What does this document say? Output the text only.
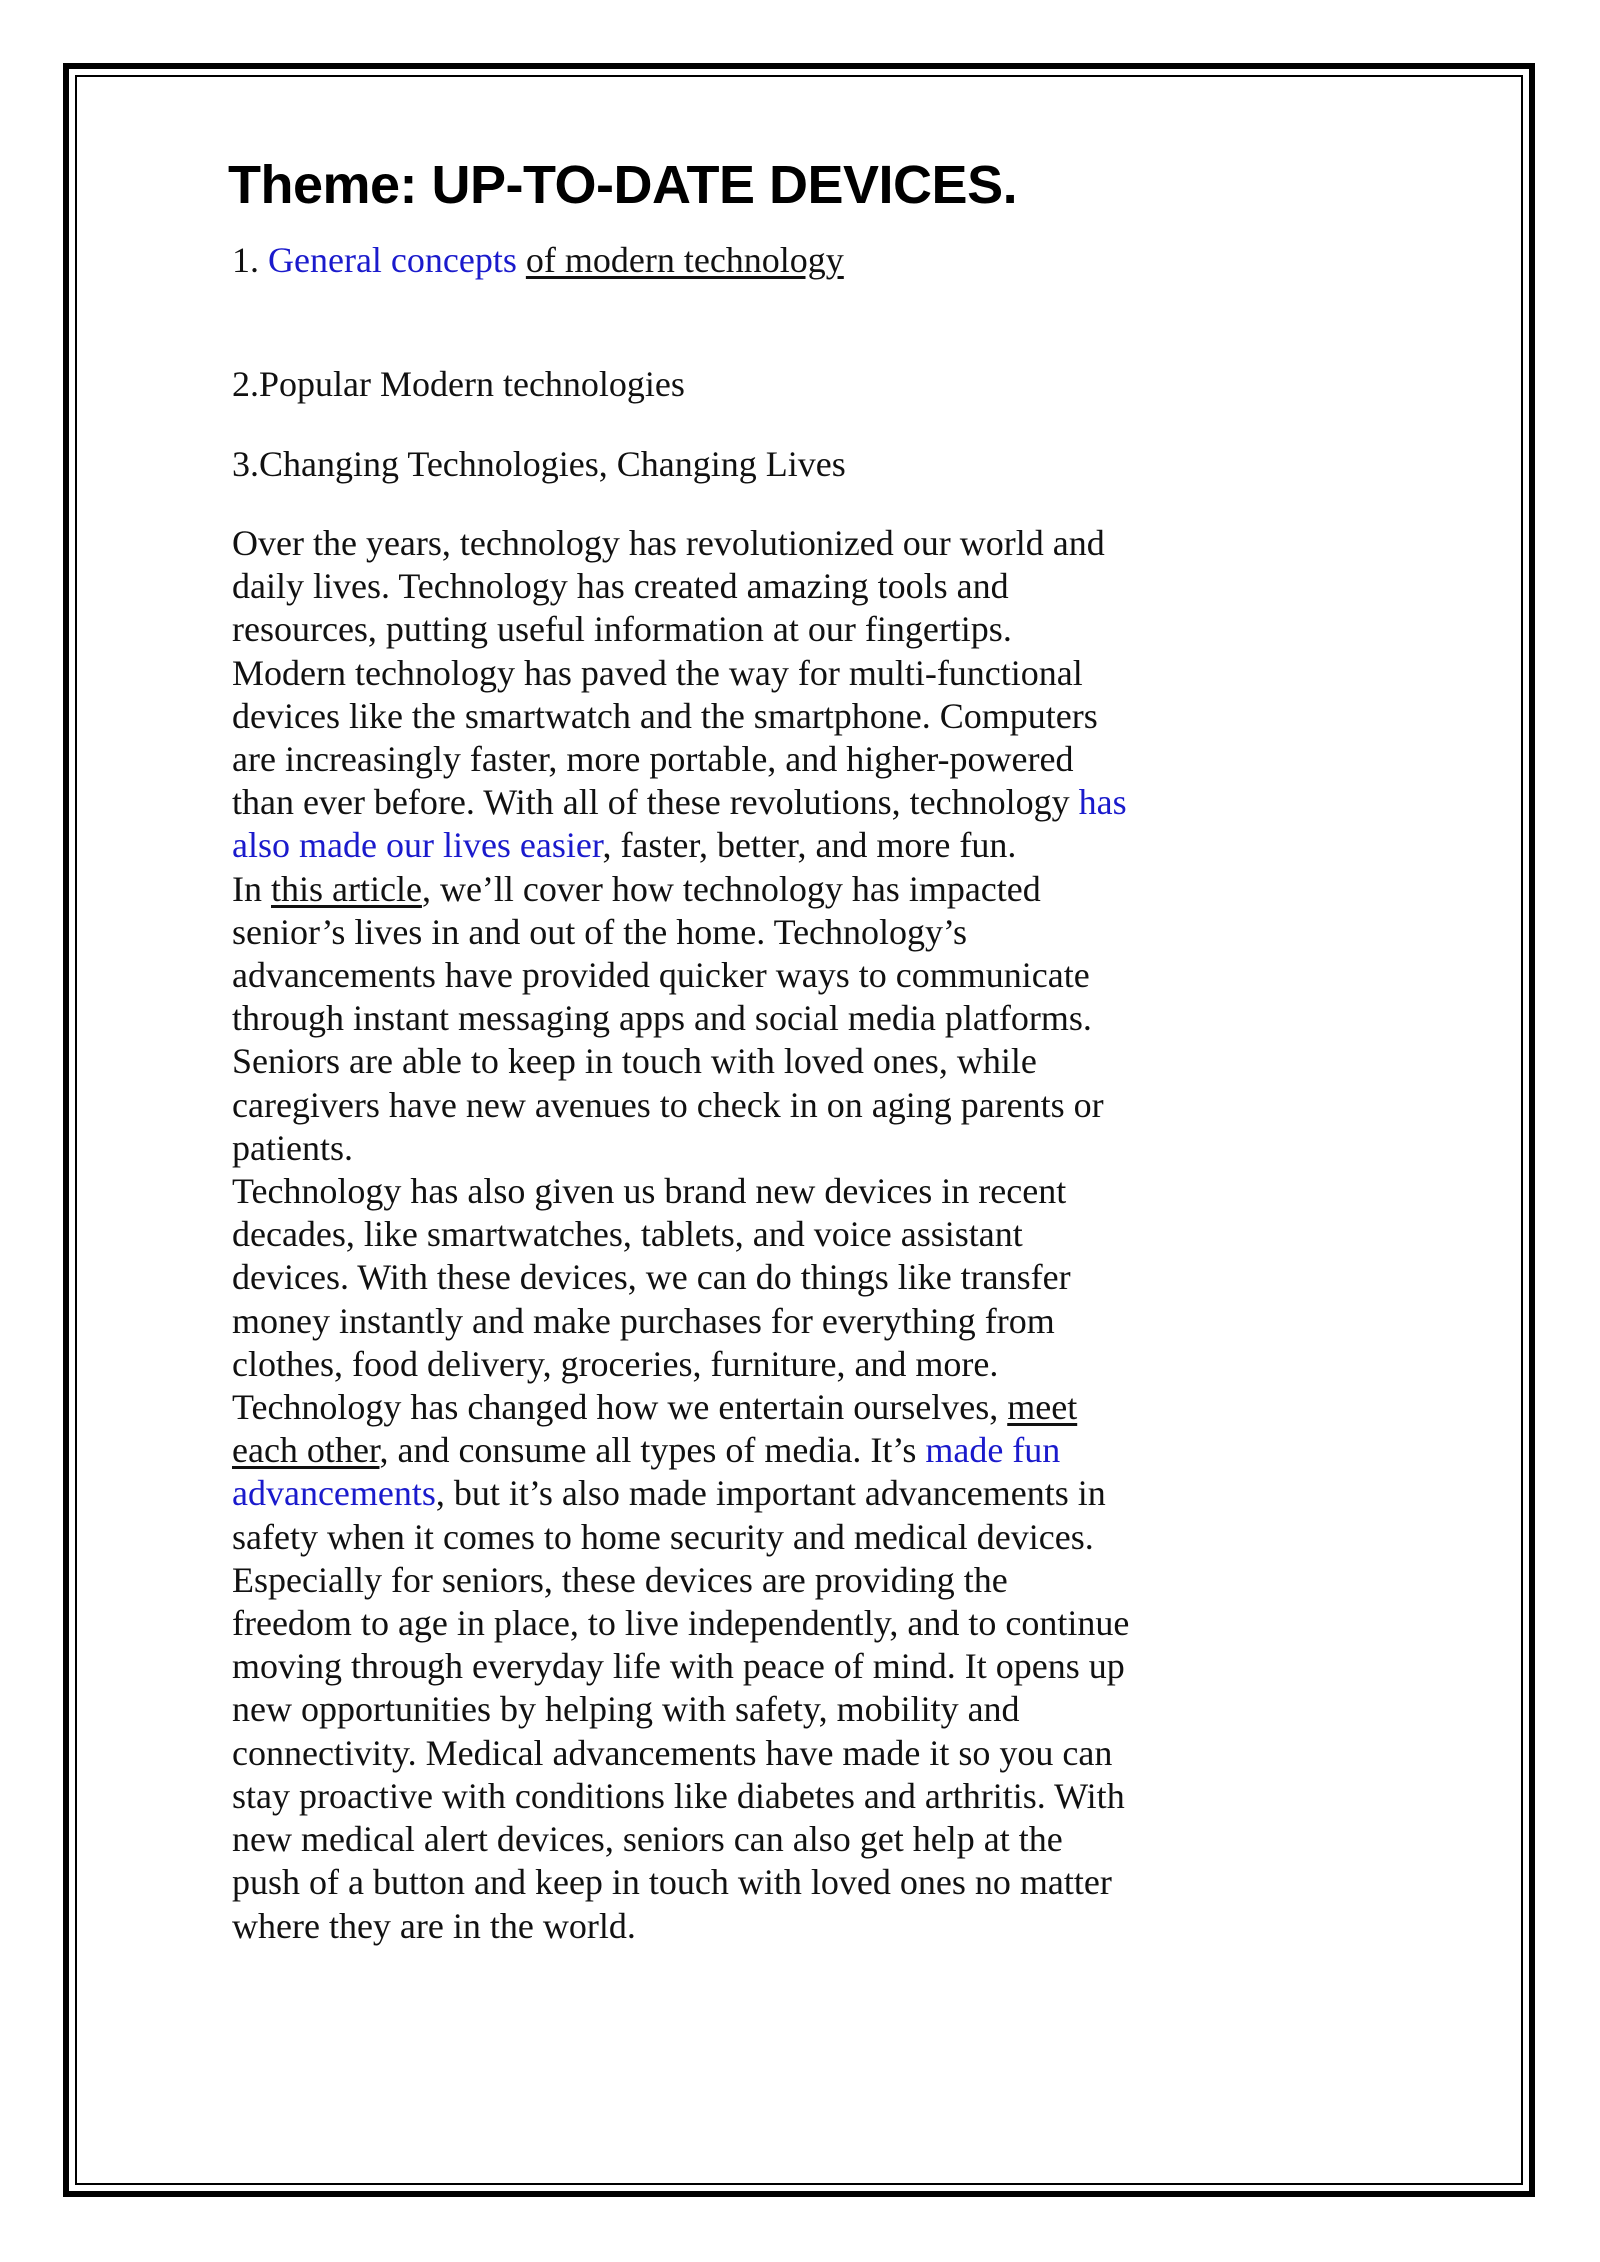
Theme: UP-TO-DATE DEVICES.

1. General concepts of modern technology

2.Popular Modern technologies

3.Changing Technologies, Changing Lives

Over the years, technology has revolutionized our world and daily lives. Technology has created amazing tools and resources, putting useful information at our fingertips. Modern technology has paved the way for multi-functional devices like the smartwatch and the smartphone. Computers are increasingly faster, more portable, and higher-powered than ever before. With all of these revolutions, technology has also made our lives easier, faster, better, and more fun.

In this article, we’ll cover how technology has impacted senior’s lives in and out of the home. Technology’s advancements have provided quicker ways to communicate through instant messaging apps and social media platforms. Seniors are able to keep in touch with loved ones, while caregivers have new avenues to check in on aging parents or patients.

Technology has also given us brand new devices in recent decades, like smartwatches, tablets, and voice assistant devices. With these devices, we can do things like transfer money instantly and make purchases for everything from clothes, food delivery, groceries, furniture, and more.

Technology has changed how we entertain ourselves, meet each other, and consume all types of media. It’s made fun advancements, but it’s also made important advancements in safety when it comes to home security and medical devices.

Especially for seniors, these devices are providing the freedom to age in place, to live independently, and to continue moving through everyday life with peace of mind. It opens up new opportunities by helping with safety, mobility and connectivity. Medical advancements have made it so you can stay proactive with conditions like diabetes and arthritis. With new medical alert devices, seniors can also get help at the push of a button and keep in touch with loved ones no matter where they are in the world.
